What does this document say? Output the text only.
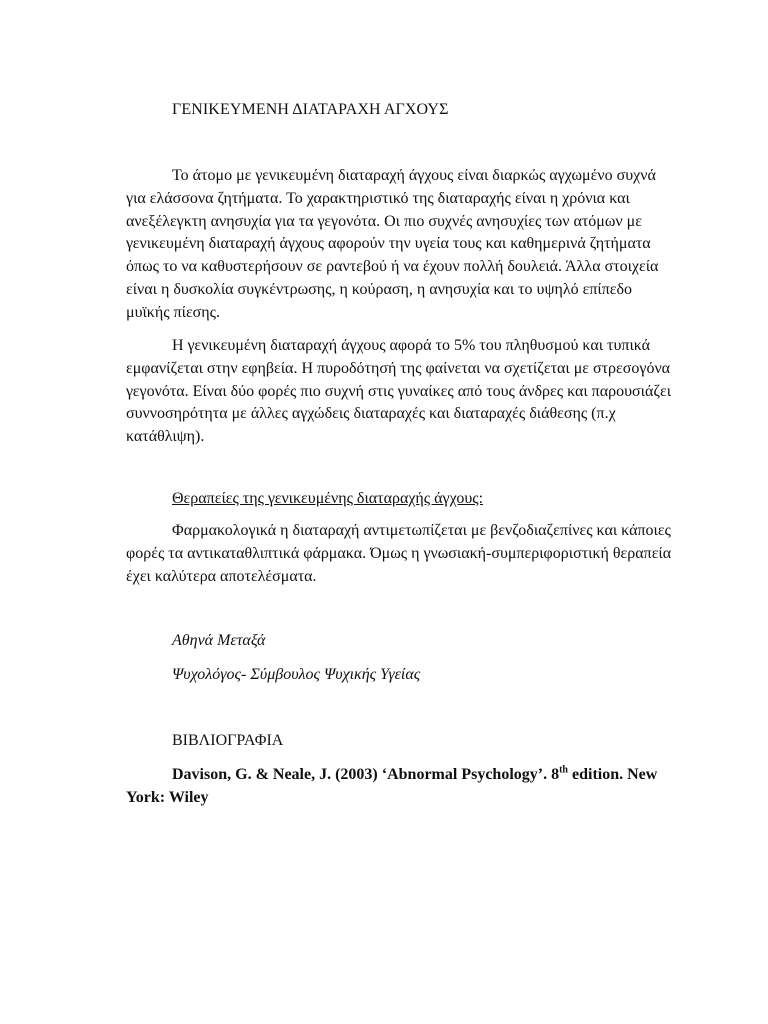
ΓΕΝΙΚΕΥΜΕΝΗ ΔΙΑΤΑΡΑΧΗ ΑΓΧΟΥΣ

Το άτομο με γενικευμένη διαταραχή άγχους είναι διαρκώς αγχωμένο συχνά για ελάσσονα ζητήματα. Το χαρακτηριστικό της διαταραχής είναι η χρόνια και ανεξέλεγκτη ανησυχία για τα γεγονότα. Οι πιο συχνές ανησυχίες των ατόμων με γενικευμένη διαταραχή άγχους αφορούν την υγεία τους και καθημερινά ζητήματα όπως το να καθυστερήσουν σε ραντεβού ή να έχουν πολλή δουλειά. Άλλα στοιχεία είναι η δυσκολία συγκέντρωσης, η κούραση, η ανησυχία και το υψηλό επίπεδο μυϊκής πίεσης.

Η γενικευμένη διαταραχή άγχους αφορά το 5% του πληθυσμού και τυπικά εμφανίζεται στην εφηβεία. Η πυροδότησή της φαίνεται να σχετίζεται με στρεσογόνα γεγονότα. Είναι δύο φορές πιο συχνή στις γυναίκες από τους άνδρες και παρουσιάζει συννοσηρότητα με άλλες αγχώδεις διαταραχές και διαταραχές διάθεσης (π.χ κατάθλιψη).

Θεραπείες της γενικευμένης διαταραχής άγχους:

Φαρμακολογικά η διαταραχή αντιμετωπίζεται με βενζοδιαζεπίνες και κάποιες φορές τα αντικαταθλιπτικά φάρμακα. Όμως η γνωσιακή-συμπεριφοριστική θεραπεία έχει καλύτερα αποτελέσματα.

Αθηνά Μεταξά
Ψυχολόγος- Σύμβουλος Ψυχικής Υγείας
ΒΙΒΛΙΟΓΡΑΦΙΑ

Davison, G. & Neale, J. (2003) ‘Abnormal Psychology’. 8th edition. New York: Wiley
